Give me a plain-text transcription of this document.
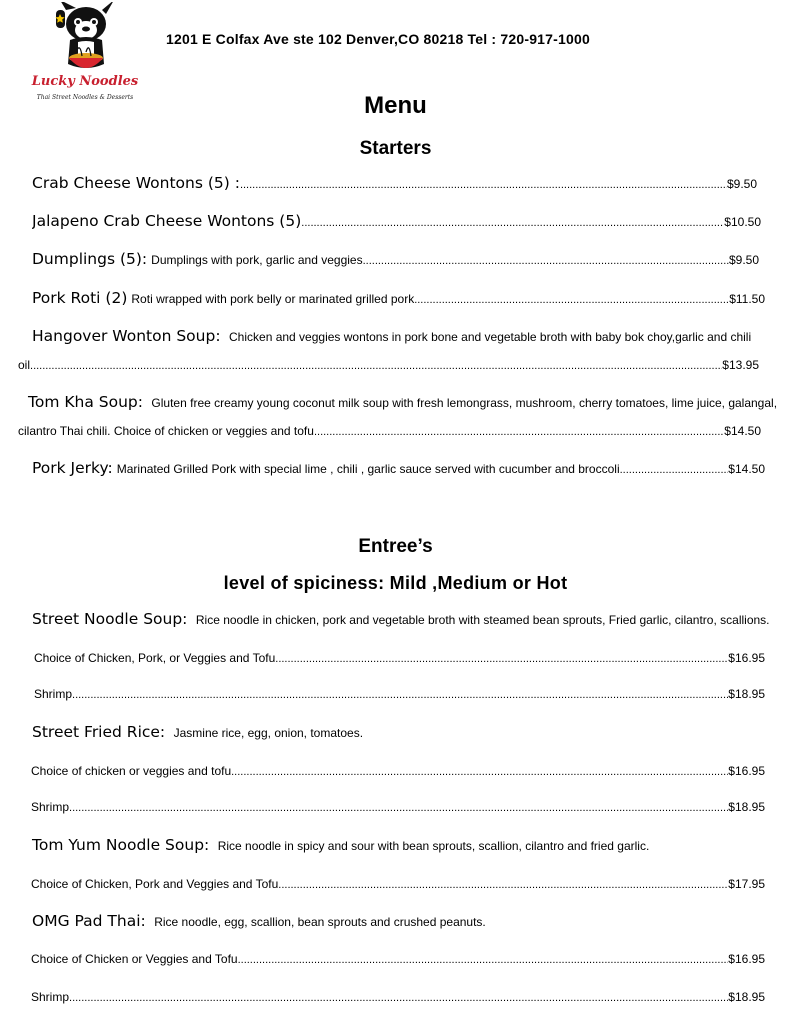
Lucky Noodles
Thai Street Noodles & Desserts
1201 E Colfax Ave ste 102 Denver,CO 80218 Tel : 720-917-1000
Menu
Starters
Crab Cheese Wontons (5) : .....	$9.50
Jalapeno Crab Cheese Wontons (5) .....	$10.50
Dumplings (5): Dumplings with pork, garlic and veggies .....	$9.50
Pork Roti (2) Roti wrapped with pork belly or marinated grilled pork .....	$11.50
Hangover Wonton Soup: Chicken and veggies wontons in pork bone and vegetable broth with baby bok choy,garlic and chili
oil .....	$13.95
Tom Kha Soup: Gluten free creamy young coconut milk soup with fresh lemongrass, mushroom, cherry tomatoes, lime juice, galangal,
cilantro Thai chili. Choice of chicken or veggies and tofu .....	$14.50
Pork Jerky: Marinated Grilled Pork with special lime , chili , garlic sauce served with cucumber and broccoli .....	$14.50
Entree’s
level of spiciness: Mild ,Medium or Hot
Street Noodle Soup: Rice noodle in chicken, pork and vegetable broth with steamed bean sprouts, Fried garlic, cilantro, scallions.
Choice of Chicken, Pork, or Veggies and Tofu .....	$16.95
Shrimp .....	$18.95
Street Fried Rice: Jasmine rice, egg, onion, tomatoes.
Choice of chicken or veggies and tofu .....	$16.95
Shrimp .....	$18.95
Tom Yum Noodle Soup: Rice noodle in spicy and sour with bean sprouts, scallion, cilantro and fried garlic.
Choice of Chicken, Pork and Veggies and Tofu .....	$17.95
OMG Pad Thai: Rice noodle, egg, scallion, bean sprouts and crushed peanuts.
Choice of Chicken or Veggies and Tofu .....	$16.95
Shrimp .....	$18.95
